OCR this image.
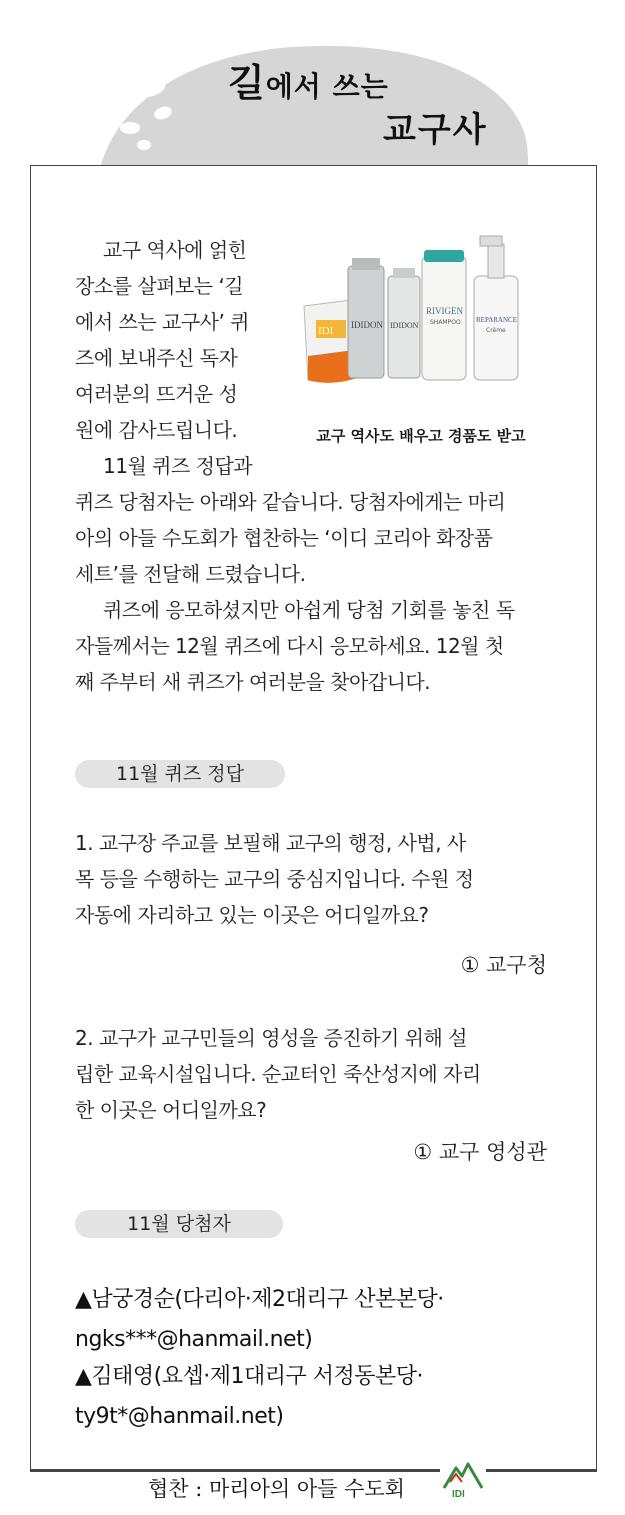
길에서 쓰는
교구사

교구 역사에 얽힌
장소를 살펴보는 ‘길
에서 쓰는 교구사’ 퀴
즈에 보내주신 독자
여러분의 뜨거운 성
원에 감사드립니다.
11월 퀴즈 정답과
퀴즈 당첨자는 아래와 같습니다. 당첨자에게는 마리
아의 아들 수도회가 협찬하는 ‘이디 코리아 화장품
세트’를 전달해 드렸습니다.
퀴즈에 응모하셨지만 아쉽게 당첨 기회를 놓친 독
자들께서는 12월 퀴즈에 다시 응모하세요. 12월 첫
째 주부터 새 퀴즈가 여러분을 찾아갑니다.

IDI IDIDON IDIDON
RIVIGEN
SHAMPOO REPARANCE
Crème
교구 역사도 배우고 경품도 받고
11월 퀴즈 정답

1. 교구장 주교를 보필해 교구의 행정, 사법, 사
목 등을 수행하는 교구의 중심지입니다. 수원 정
자동에 자리하고 있는 이곳은 어디일까요?

① 교구청

2. 교구가 교구민들의 영성을 증진하기 위해 설
립한 교육시설입니다. 순교터인 죽산성지에 자리
한 이곳은 어디일까요?

① 교구 영성관
11월 당첨자
▲남궁경순(다리아·제2대리구 산본본당·
ngks***@hanmail.net)
▲김태영(요셉·제1대리구 서정동본당·
ty9t*@hanmail.net)
협찬 : 마리아의 아들 수도회	IDI
